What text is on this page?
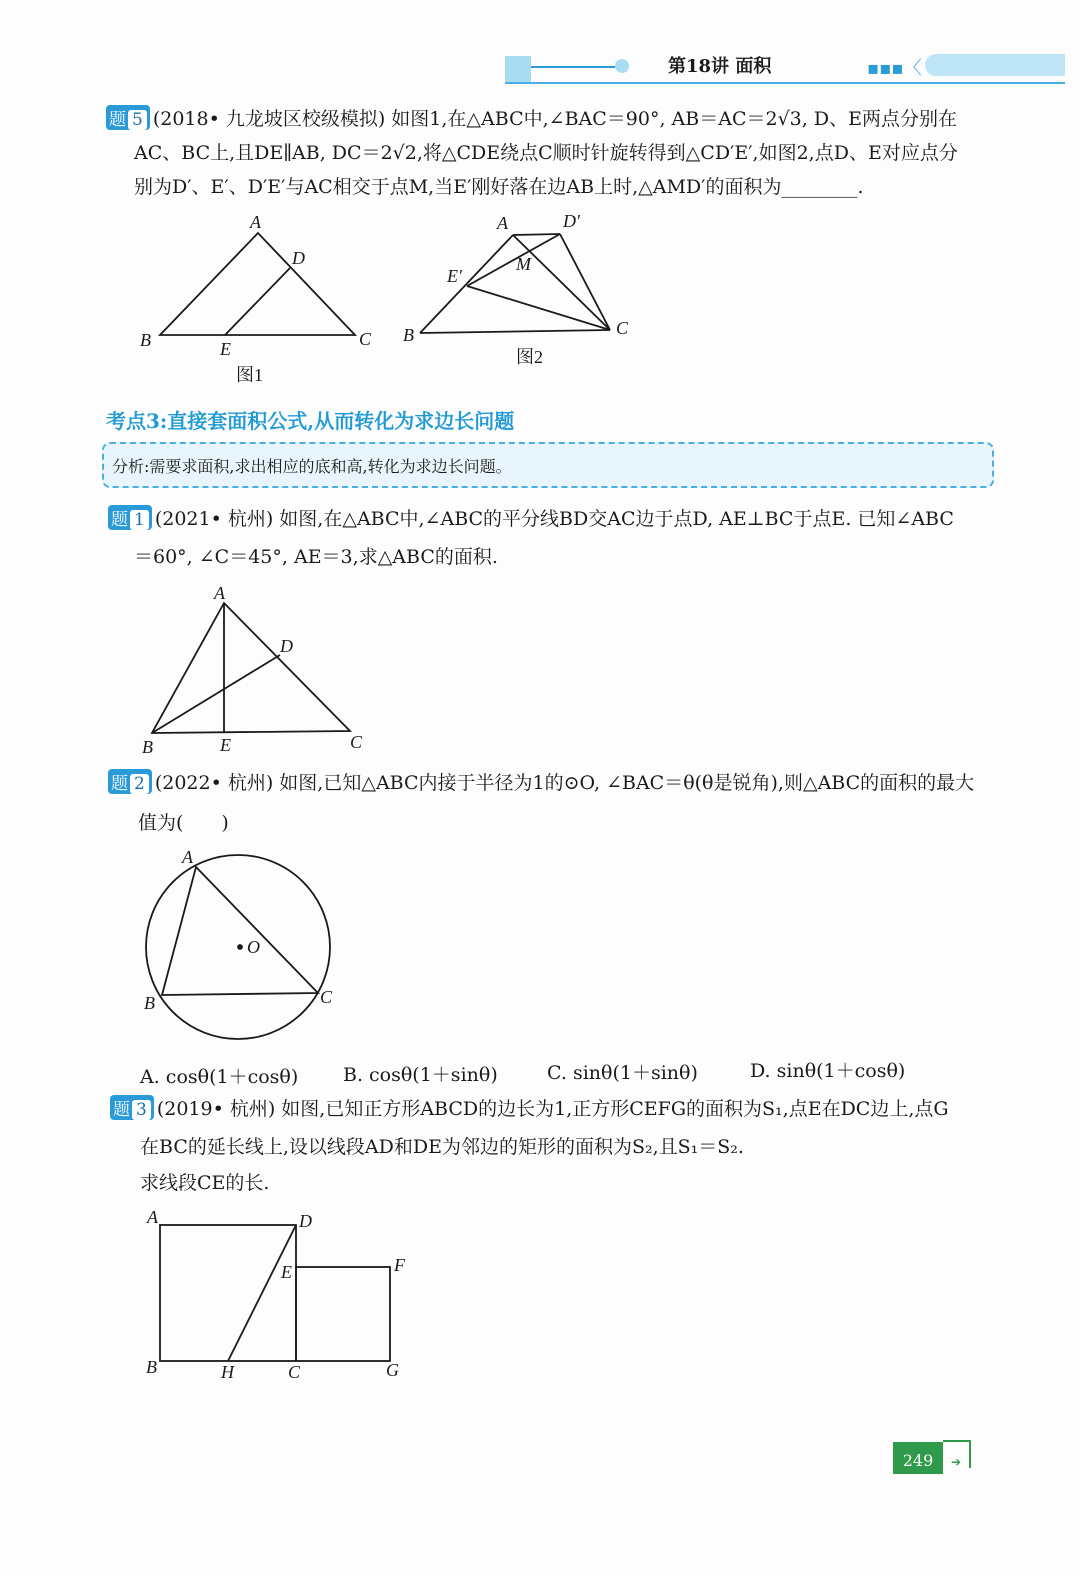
第18讲 面积	▪▪▪〈
题 5 (2018• 九龙坡区校级模拟) 如图1,在△ABC中,∠BAC＝90°, AB＝AC＝2√3, D、E两点分别在
AC、BC上,且DE∥AB, DC＝2√2,将△CDE绕点C顺时针旋转得到△CD′E′,如图2,点D、E对应点分
别为D′、E′、D′E′与AC相交于点M,当E′刚好落在边AB上时,△AMD′的面积为________.
考点3:直接套面积公式,从而转化为求边长问题
分析:需要求面积,求出相应的底和高,转化为求边长问题。
题 1 (2021• 杭州) 如图,在△ABC中,∠ABC的平分线BD交AC边于点D, AE⊥BC于点E. 已知∠ABC
＝60°, ∠C＝45°, AE＝3,求△ABC的面积.
题 2 (2022• 杭州) 如图,已知△ABC内接于半径为1的⊙O, ∠BAC＝θ(θ是锐角),则△ABC的面积的最大
值为(　　)
A. cosθ(1＋cosθ) B. cosθ(1＋sinθ)	C. sinθ(1＋sinθ)	D. sinθ(1＋cosθ)
题 3 (2019• 杭州) 如图,已知正方形ABCD的边长为1,正方形CEFG的面积为S₁,点E在DC边上,点G
在BC的延长线上,设以线段AD和DE为邻边的矩形的面积为S₂,且S₁＝S₂.
求线段CE的长.
A
D
B	E	C
图1
A	D′
M
E′
B	C
图2
A
D
B	E	C
A
O
B	C
A	D
E	F
B	H	C	G
249	➔
